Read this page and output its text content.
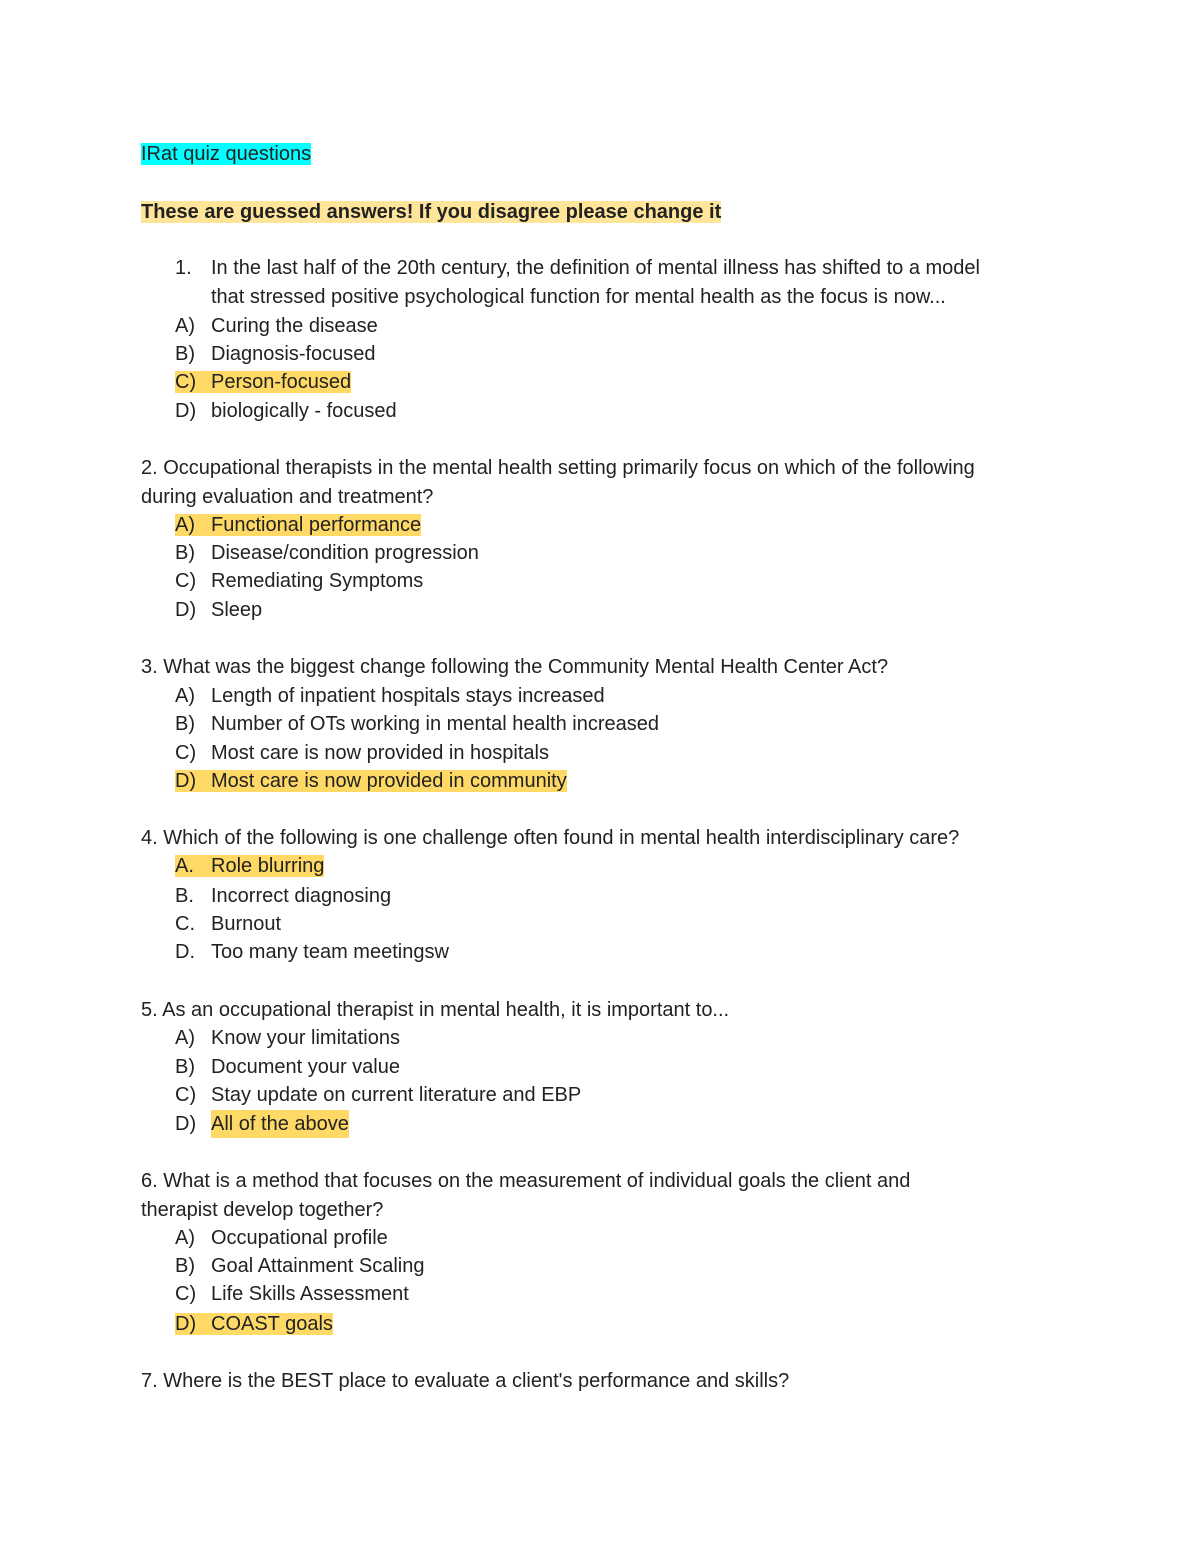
IRat quiz questions
These are guessed answers! If you disagree please change it
1. In the last half of the 20th century, the definition of mental illness has shifted to a model
that stressed positive psychological function for mental health as the focus is now...
A) Curing the disease
B) Diagnosis-focused
C) Person-focused
D) biologically - focused
2. Occupational therapists in the mental health setting primarily focus on which of the following
during evaluation and treatment?
A) Functional performance
B) Disease/condition progression
C) Remediating Symptoms
D) Sleep
3. What was the biggest change following the Community Mental Health Center Act?
A) Length of inpatient hospitals stays increased
B) Number of OTs working in mental health increased
C) Most care is now provided in hospitals
D) Most care is now provided in community
4. Which of the following is one challenge often found in mental health interdisciplinary care?
A. Role blurring
B. Incorrect diagnosing
C. Burnout
D. Too many team meetingsw
5. As an occupational therapist in mental health, it is important to...
A) Know your limitations
B) Document your value
C) Stay update on current literature and EBP
D) All of the above
6. What is a method that focuses on the measurement of individual goals the client and
therapist develop together?
A) Occupational profile
B) Goal Attainment Scaling
C) Life Skills Assessment
D) COAST goals
7. Where is the BEST place to evaluate a client's performance and skills?
